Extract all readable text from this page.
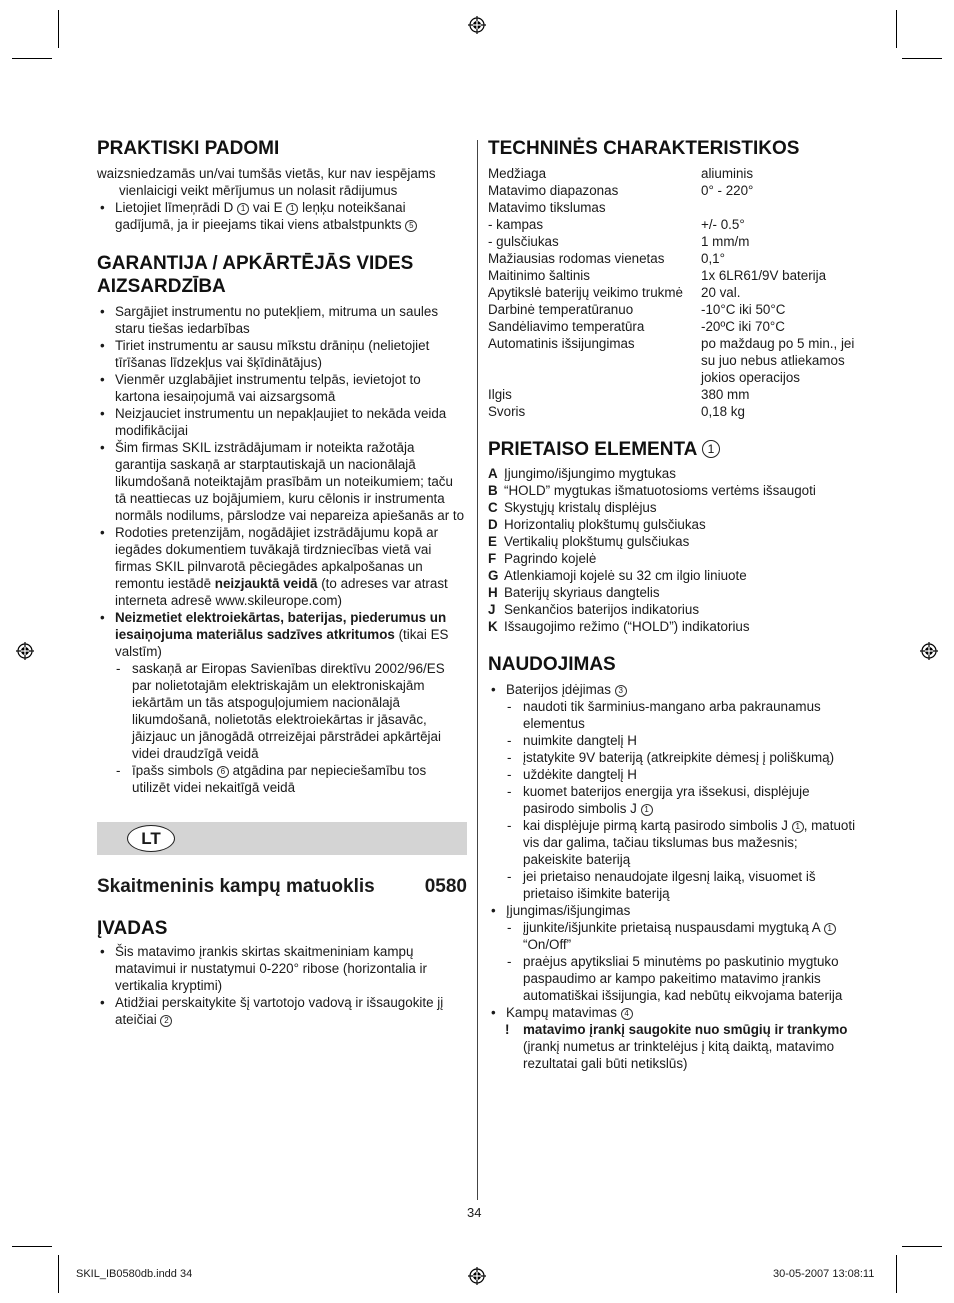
PRAKTISKI PADOMI

waizsniedzamās un/vai tumšās vietās, kur nav iespējams

vienlaicigi veikt mērījumus un nolasit rādijumus

• Lietojiet līmeņrādi D 1 vai E 1 leņķu noteikšanai gadījumā, ja ir pieejams tikai viens atbalstpunkts 5
GARANTIJA / APKĀRTĒJĀS VIDES
AIZSARDZĪBA
• Sargājiet instrumentu no putekļiem, mitruma un saules staru tiešas iedarbības
• Tiriet instrumentu ar sausu mīkstu drāniņu (nelietojiet tīrīšanas līdzekļus vai šķīdinātājus)
• Vienmēr uzglabājiet instrumentu telpās, ievietojot to kartona iesaiņojumā vai aizsargsomā
• Neizjauciet instrumentu un nepakļaujiet to nekāda veida modifikācijai
• Šim firmas SKIL izstrādājumam ir noteikta ražotāja garantija saskaņā ar starptautiskajā un nacionālajā likumdošanā noteiktajām prasībām un noteikumiem; taču tā neattiecas uz bojājumiem, kuru cēlonis ir instrumenta normāls nodilums, pārslodze vai nepareiza apiešanās ar to
• Rodoties pretenzijām, nogādājiet izstrādājumu kopā ar iegādes dokumentiem tuvākajā tirdzniecības vietā vai firmas SKIL pilnvarotā pēciegādes apkalpošanas un remontu iestādē neizjauktā veidā (to adreses var atrast interneta adresē www.skileurope.com)
• Neizmetiet elektroiekārtas, baterijas, piederumus un iesaiņojuma materiālus sadzīves atkritumos (tikai ES valstīm)
- saskaņā ar Eiropas Savienības direktīvu 2002/96/ES par nolietotajām elektriskajām un elektroniskajām iekārtām un tās atspoguļojumiem nacionālajā likumdošanā, nolietotās elektroiekārtas ir jāsavāc, jāizjauc un jānogādā otrreizējai pārstrādei apkārtējai videi draudzīgā veidā
- īpašs simbols 6 atgādina par nepieciešamību tos utilizēt videi nekaitīgā veidā
LT
Skaitmeninis kampų matuoklis	0580
ĮVADAS
• Šis matavimo įrankis skirtas skaitmeniniam kampų matavimui ir nustatymui 0-220° ribose (horizontalia ir vertikalia kryptimi)
• Atidžiai perskaitykite šį vartotojo vadovą ir išsaugokite jį ateičiai 2
TECHNINĖS CHARAKTERISTIKOS
Medžiaga	aliuminis
Matavimo diapazonas	0° - 220°
Matavimo tikslumas
- kampas	+/- 0.5°
- gulsčiukas	1 mm/m
Mažiausias rodomas vienetas	0,1°
Maitinimo šaltinis	1x 6LR61/9V baterija
Apytikslė baterijų veikimo trukmė	20 val.
Darbinė temperatūranuo	-10°C iki 50°C
Sandėliavimo temperatūra	-20ºC iki 70°C
Automatinis išsijungimas	po maždaug po 5 min., jei su juo nebus atliekamos jokios operacijos
Ilgis	380 mm
Svoris	0,18 kg
PRIETAISO ELEMENTA 1
A Įjungimo/išjungimo mygtukas
B “HOLD” mygtukas išmatuotosioms vertėms išsaugoti
C Skystųjų kristalų displėjus
D Horizontalių plokštumų gulsčiukas
E Vertikalių plokštumų gulsčiukas
F Pagrindo kojelė
G Atlenkiamoji kojelė su 32 cm ilgio liniuote
H Baterijų skyriaus dangtelis
J Senkančios baterijos indikatorius
K Išsaugojimo režimo (“HOLD”) indikatorius
NAUDOJIMAS
• Baterijos įdėjimas 3
- naudoti tik šarminius-mangano arba pakraunamus elementus
- nuimkite dangtelį H
- įstatykite 9V bateriją (atkreipkite dėmesį į poliškumą)
- uždėkite dangtelį H
- kuomet baterijos energija yra išsekusi, displėjuje pasirodo simbolis J 1
- kai displėjuje pirmą kartą pasirodo simbolis J 1 , matuoti vis dar galima, tačiau tikslumas bus mažesnis; pakeiskite bateriją
- jei prietaiso nenaudojate ilgesnį laiką, visuomet iš prietaiso išimkite bateriją
• Įjungimas/išjungimas
- įjunkite/išjunkite prietaisą nuspausdami mygtuką A 1 “On/Off”
- praėjus apytiksliai 5 minutėms po paskutinio mygtuko paspaudimo ar kampo pakeitimo matavimo įrankis automatiškai išsijungia, kad nebūtų eikvojama baterija
• Kampų matavimas 4
! matavimo įrankį saugokite nuo smūgių ir trankymo (įrankį numetus ar trinktelėjus į kitą daiktą, matavimo rezultatai gali būti netikslūs)
34
SKIL_IB0580db.indd 34	30-05-2007 13:08:11
